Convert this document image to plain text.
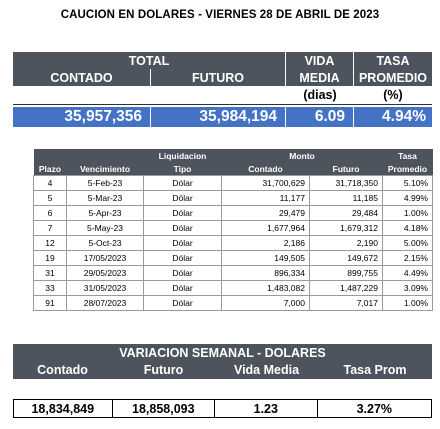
CAUCION EN DOLARES - VIERNES 28 DE ABRIL DE 2023
TOTAL	VIDA	TASA
CONTADO	FUTURO	MEDIA	PROMEDIO
(dias)	(%)
35,957,356	35,984,194	6.09	4.94%
		Liquidacion	Monto		Tasa
Plazo	Vencimiento	Tipo	Contado	Futuro	Promedio
4	5-Feb-23	Dólar	31,700,629	31,718,350	5.10%
5	5-Mar-23	Dólar	11,177	11,185	4.99%
6	5-Apr-23	Dólar	29,479	29,484	1.00%
7	5-May-23	Dólar	1,677,964	1,679,312	4.18%
12	5-Oct-23	Dólar	2,186	2,190	5.00%
19	17/05/2023	Dólar	149,505	149,672	2.15%
31	29/05/2023	Dólar	896,334	899,755	4.49%
33	31/05/2023	Dólar	1,483,082	1,487,229	3.09%
91	28/07/2023	Dólar	7,000	7,017	1.00%
VARIACION SEMANAL - DOLARES
Contado	Futuro	Vida Media	Tasa Prom
18,834,849	18,858,093	1.23	3.27%
